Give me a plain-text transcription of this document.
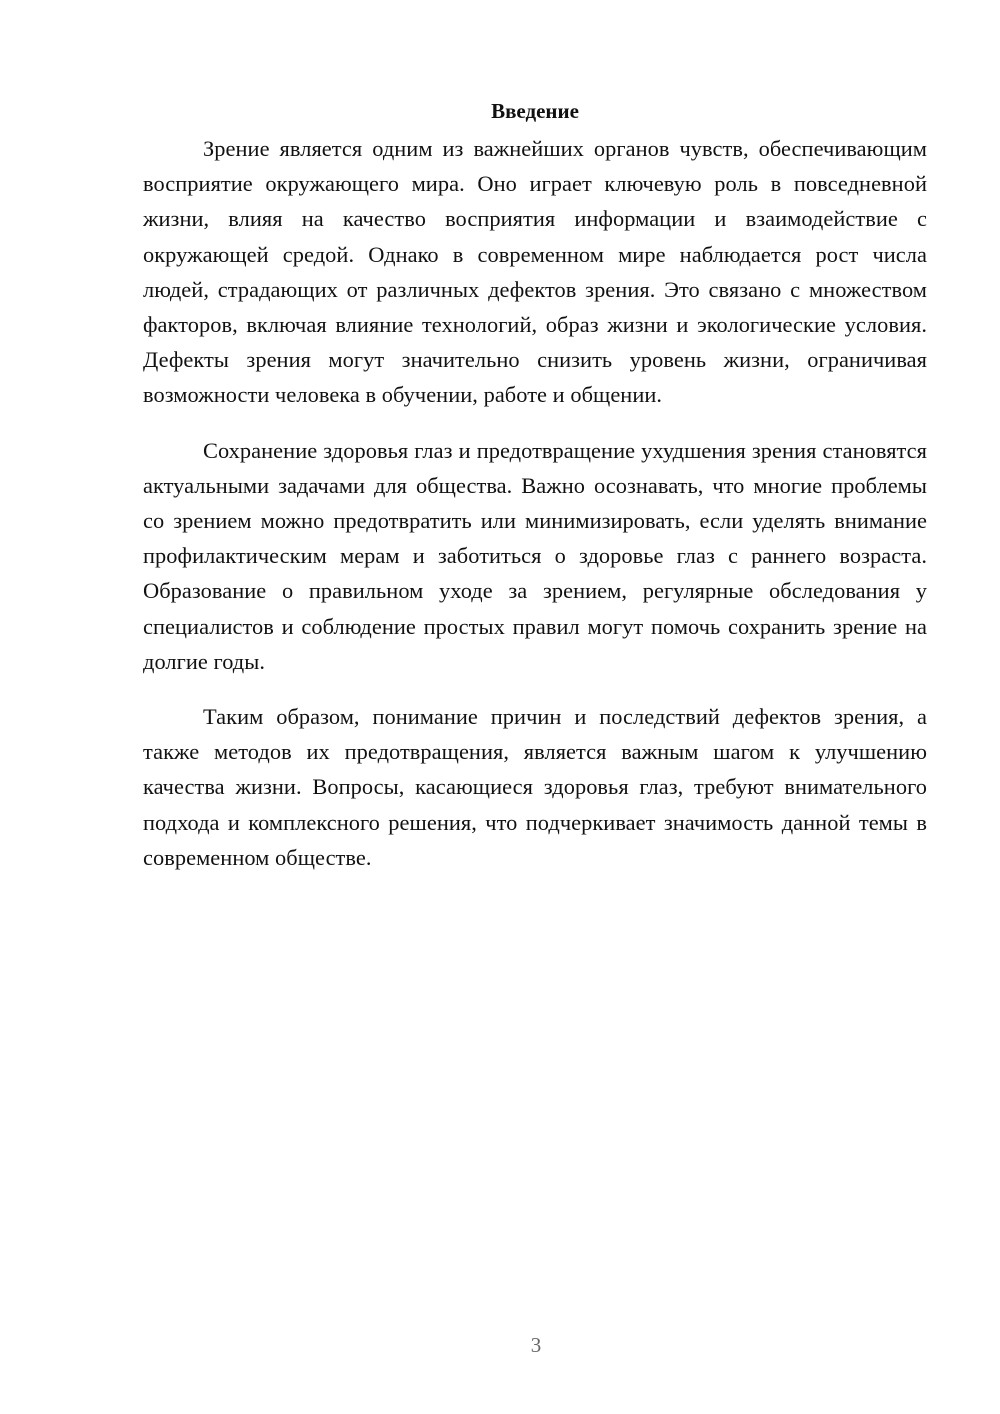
Введение

Зрение является одним из важнейших органов чувств, обеспечивающим восприятие окружающего мира. Оно играет ключевую роль в повседневной жизни, влияя на качество восприятия информации и взаимодействие с окружающей средой. Однако в современном мире наблюдается рост числа людей, страдающих от различных дефектов зрения. Это связано с множеством факторов, включая влияние технологий, образ жизни и экологические условия. Дефекты зрения могут значительно снизить уровень жизни, ограничивая возможности человека в обучении, работе и общении.

Сохранение здоровья глаз и предотвращение ухудшения зрения становятся актуальными задачами для общества. Важно осознавать, что многие проблемы со зрением можно предотвратить или минимизировать, если уделять внимание профилактическим мерам и заботиться о здоровье глаз с раннего возраста. Образование о правильном уходе за зрением, регулярные обследования у специалистов и соблюдение простых правил могут помочь сохранить зрение на долгие годы.

Таким образом, понимание причин и последствий дефектов зрения, а также методов их предотвращения, является важным шагом к улучшению качества жизни. Вопросы, касающиеся здоровья глаз, требуют внимательного подхода и комплексного решения, что подчеркивает значимость данной темы в современном обществе.

3
